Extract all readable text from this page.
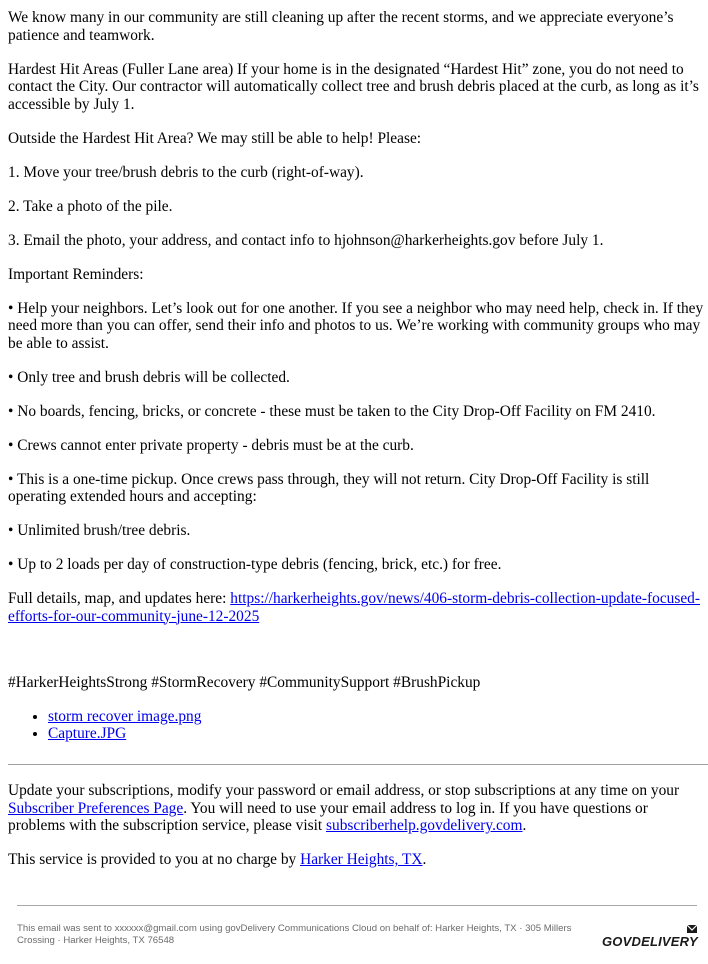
We know many in our community are still cleaning up after the recent storms, and we appreciate everyone’s patience and teamwork.

Hardest Hit Areas (Fuller Lane area) If your home is in the designated “Hardest Hit” zone, you do not need to contact the City. Our contractor will automatically collect tree and brush debris placed at the curb, as long as it’s accessible by July 1.

Outside the Hardest Hit Area? We may still be able to help! Please:

1. Move your tree/brush debris to the curb (right-of-way).

2. Take a photo of the pile.

3. Email the photo, your address, and contact info to hjohnson@harkerheights.gov before July 1.

Important Reminders:

• Help your neighbors. Let’s look out for one another. If you see a neighbor who may need help, check in. If they need more than you can offer, send their info and photos to us. We’re working with community groups who may be able to assist.

• Only tree and brush debris will be collected.

• No boards, fencing, bricks, or concrete - these must be taken to the City Drop-Off Facility on FM 2410.

• Crews cannot enter private property - debris must be at the curb.

• This is a one-time pickup. Once crews pass through, they will not return. City Drop-Off Facility is still operating extended hours and accepting:

• Unlimited brush/tree debris.

• Up to 2 loads per day of construction-type debris (fencing, brick, etc.) for free.

Full details, map, and updates here: https://harkerheights.gov/news/406-storm-debris-collection-update-focused-efforts-for-our-community-june-12-2025

#HarkerHeightsStrong #StormRecovery #CommunitySupport #BrushPickup

• storm recover image.png
• Capture.JPG

Update your subscriptions, modify your password or email address, or stop subscriptions at any time on your Subscriber Preferences Page. You will need to use your email address to log in. If you have questions or problems with the subscription service, please visit subscriberhelp.govdelivery.com.

This service is provided to you at no charge by Harker Heights, TX.

This email was sent to xxxxxx@gmail.com using govDelivery Communications Cloud on behalf of: Harker Heights, TX · 305 Millers Crossing · Harker Heights, TX 76548	GOVDELIVERY
